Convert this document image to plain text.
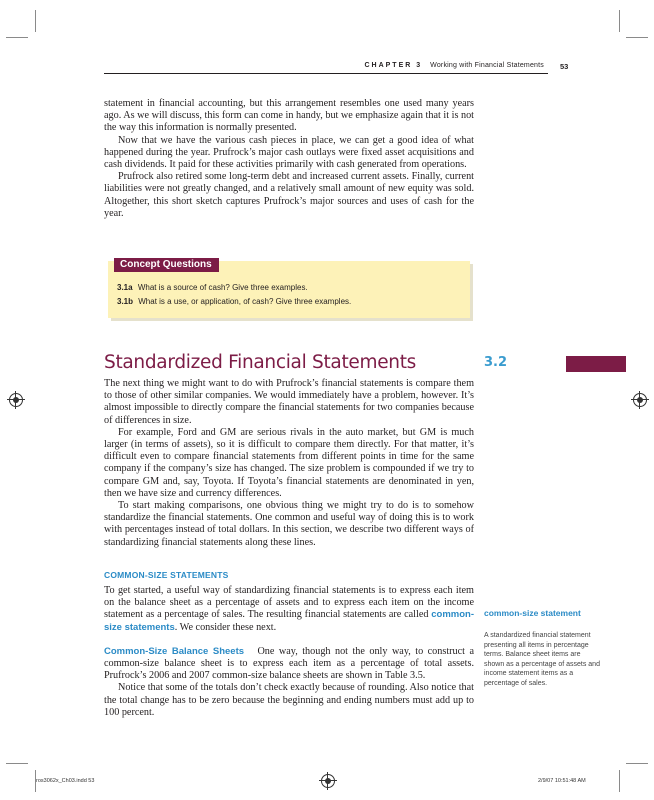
CHAPTER 3 Working with Financial Statements 53

statement in financial accounting, but this arrangement resembles one used many years ago. As we will discuss, this form can come in handy, but we emphasize again that it is not the way this information is normally presented.

Now that we have the various cash pieces in place, we can get a good idea of what happened during the year. Prufrock’s major cash outlays were fixed asset acquisitions and cash dividends. It paid for these activities primarily with cash generated from operations.

Prufrock also retired some long-term debt and increased current assets. Finally, current liabilities were not greatly changed, and a relatively small amount of new equity was sold. Altogether, this short sketch captures Prufrock’s major sources and uses of cash for the year.

Concept Questions
3.1a What is a source of cash? Give three examples.
3.1b What is a use, or application, of cash? Give three examples.
Standardized Financial Statements	3.2

The next thing we might want to do with Prufrock’s financial statements is compare them to those of other similar companies. We would immediately have a problem, however. It’s almost impossible to directly compare the financial statements for two companies because of differences in size.

For example, Ford and GM are serious rivals in the auto market, but GM is much larger (in terms of assets), so it is difficult to compare them directly. For that matter, it’s difficult even to compare financial statements from different points in time for the same company if the company’s size has changed. The size problem is compounded if we try to compare GM and, say, Toyota. If Toyota’s financial statements are denominated in yen, then we have size and currency differences.

To start making comparisons, one obvious thing we might try to do is to somehow standardize the financial statements. One common and useful way of doing this is to work with percentages instead of total dollars. In this section, we describe two different ways of standardizing financial statements along these lines.

COMMON-SIZE STATEMENTS

To get started, a useful way of standardizing financial statements is to express each item on the balance sheet as a percentage of assets and to express each item on the income statement as a percentage of sales. The resulting financial statements are called common-size statements. We consider these next.

Common-Size Balance Sheets One way, though not the only way, to construct a common-size balance sheet is to express each item as a percentage of total assets. Prufrock’s 2006 and 2007 common-size balance sheets are shown in Table 3.5.

Notice that some of the totals don’t check exactly because of rounding. Also notice that the total change has to be zero because the beginning and ending numbers must add up to 100 percent.

common-size statement
A standardized financial statement presenting all items in percentage terms. Balance sheet items are shown as a percentage of assets and income statement items as a percentage of sales.
ros3062x_Ch03.indd 53	2/9/07 10:51:48 AM
